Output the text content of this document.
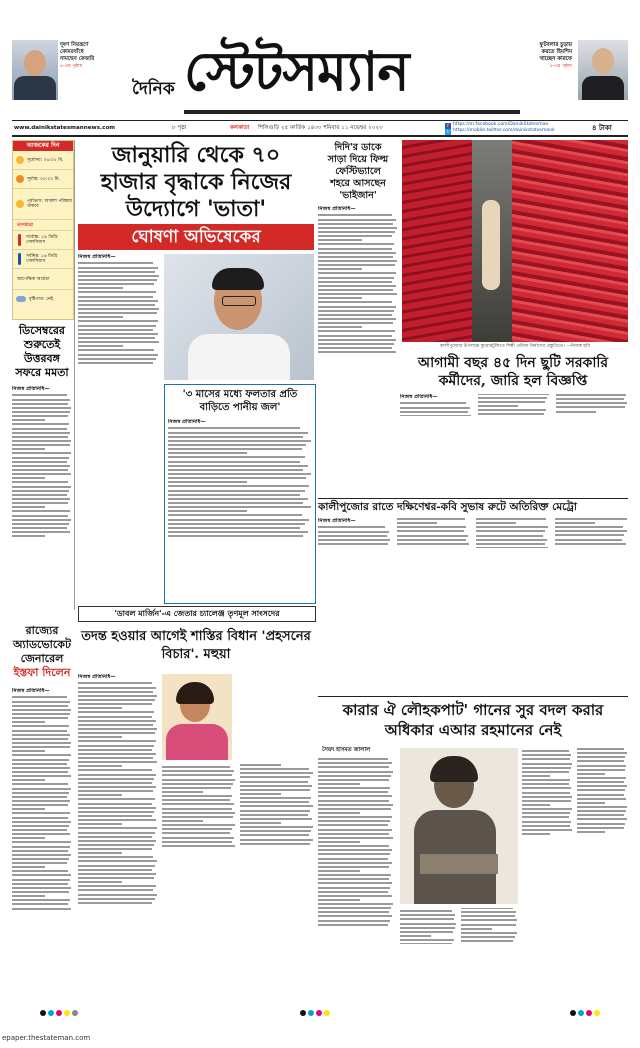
দূষণ নিয়ন্ত্রণে
কোমরবাঁধে
নামছেন কেজরি
৯-এর পৃষ্ঠায়
দৈনিক স্টেটসম্যান	ফুটবলার চুড়ায়
করতে হিমশিম
খাচ্ছেন কারফে
৯-এর পৃষ্ঠায়
www.dainikstatesmannews.com	৮ পৃষ্ঠা	কলকাতা শিলিগুড়ি ২৫ কার্তিক ১৪৩০ শনিবার ১১ নভেম্বর ২০২৩	f https://m.facebook.com/DainikStatesman
t https://mobile.twitter.com/dainikstatesmank	৪ টাকা
আজকের দিন
সূর্যোদয়: ০৬:০২ মি.
সূর্যাস্ত: ০৫:০২ মি.
পূর্বাভাস: আকাশ পরিষ্কার থাকবে
তাপমাত্রা
সর্বোচ্চ: ২৯ ডিগ্রি সেলসিয়াস
সর্বনিম্ন: ১৬ ডিগ্রি সেলসিয়াস
আপেক্ষিক আর্দ্রতা
বৃষ্টিপাত: নেই
জানুয়ারি থেকে ৭০ হাজার বৃদ্ধাকে নিজের উদ্যোগে 'ভাতা'
ঘোষণা অভিষেকের
নিজস্ব প্রতিনিধি—
'৩ মাসের মধ্যে ফলতার প্রতি বাড়িতে পানীয় জল'
নিজস্ব প্রতিনিধি—
ডিসেম্বরের
শুরুতেই
উত্তরবঙ্গ
সফরে মমতা
নিজস্ব প্রতিনিধি—
দিদি'র ডাকে
সাড়া দিয়ে ফিল্ম
ফেস্টিভ্যালে
শহরে আসছেন
'ভাইজান'
নিজস্ব প্রতিনিধি—
কালীপুজোর উপলক্ষে কুমোরটুলিতে শিল্পী প্রতিমা নির্মাণের প্রস্তুতিতে। —নিজস্ব ছবি
আগামী বছর ৪৫ দিন ছুটি সরকারি কর্মীদের, জারি হল বিজ্ঞপ্তি
নিজস্ব প্রতিনিধি—
কালীপুজোর রাতে দক্ষিণেশ্বর-কবি সুভাষ রুটে অতিরিক্ত মেট্রো
নিজস্ব প্রতিনিধি—
'ডাবল মার্জিন'-এ জেতার চ্যালেঞ্জ তৃণমূল সাংসদের
তদন্ত হওয়ার আগেই শাস্তির বিধান 'প্রহসনের বিচার'. মহুয়া
নিজস্ব প্রতিনিধি—
রাজ্যের
অ্যাডভোকেট
জেনারেল
ইস্তফা দিলেন
নিজস্ব প্রতিনিধি—
কারার ঐ লৌহকপাট' গানের সুর বদল করার অধিকার এআর রহমানের নেই
সৈয়দ হাসমত জালাল
epaper.thestateman.com
